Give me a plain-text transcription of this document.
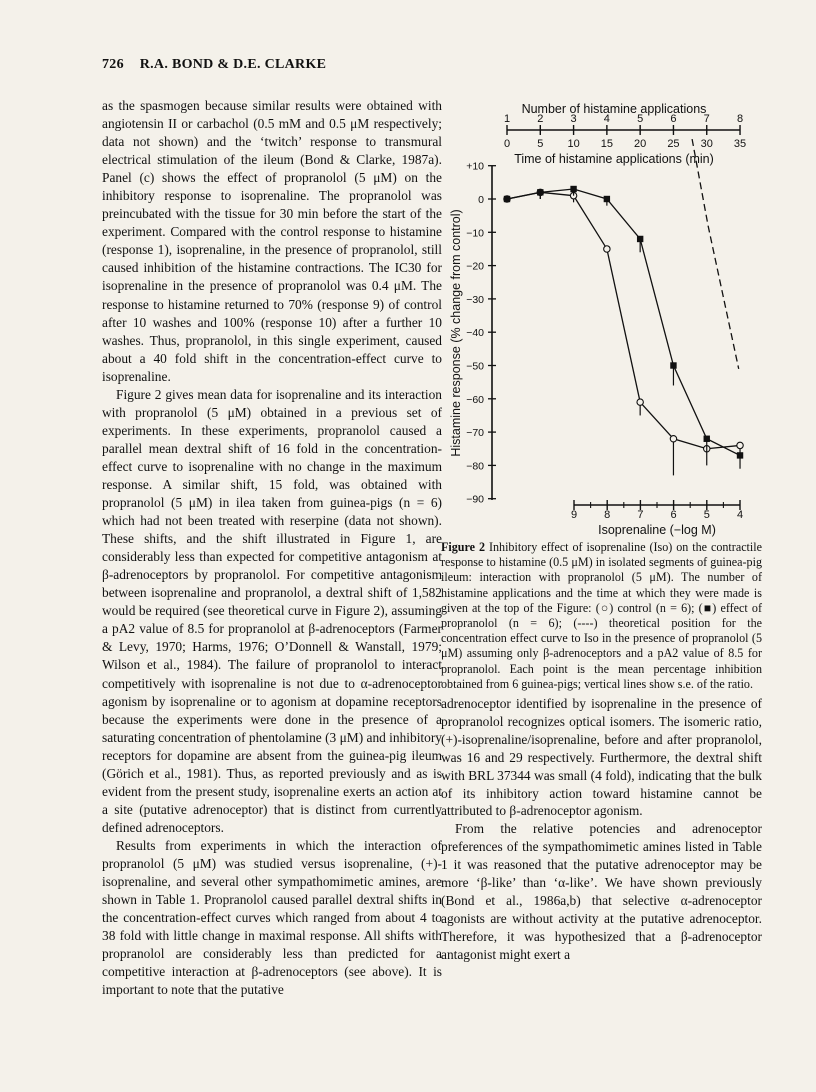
726 R.A. BOND & D.E. CLARKE

as the spasmogen because similar results were obtained with angiotensin II or carbachol (0.5 mM and 0.5 μM respectively; data not shown) and the ‘twitch’ response to transmural electrical stimulation of the ileum (Bond & Clarke, 1987a). Panel (c) shows the effect of propranolol (5 μM) on the inhibitory response to isoprenaline. The propranolol was preincubated with the tissue for 30 min before the start of the experiment. Compared with the control response to histamine (response 1), isoprenaline, in the presence of propranolol, still caused inhibition of the histamine contractions. The IC30 for isoprenaline in the presence of propranolol was 0.4 μM. The response to histamine returned to 70% (response 9) of control after 10 washes and 100% (response 10) after a further 10 washes. Thus, propranolol, in this single experiment, caused about a 40 fold shift in the concentration-effect curve to isoprenaline.

Figure 2 gives mean data for isoprenaline and its interaction with propranolol (5 μM) obtained in a previous set of experiments. In these experiments, propranolol caused a parallel mean dextral shift of 16 fold in the concentration-effect curve to isoprenaline with no change in the maximum response. A similar shift, 15 fold, was obtained with propranolol (5 μM) in ilea taken from guinea-pigs (n = 6) which had not been treated with reserpine (data not shown). These shifts, and the shift illustrated in Figure 1, are considerably less than expected for competitive antagonism at β-adrenoceptors by propranolol. For competitive antagonism between isoprenaline and propranolol, a dextral shift of 1,582 would be required (see theoretical curve in Figure 2), assuming a pA2 value of 8.5 for propranolol at β-adrenoceptors (Farmer & Levy, 1970; Harms, 1976; O’Donnell & Wanstall, 1979; Wilson et al., 1984). The failure of propranolol to interact competitively with isoprenaline is not due to α-adrenoceptor agonism by isoprenaline or to agonism at dopamine receptors because the experiments were done in the presence of a saturating concentration of phentolamine (3 μM) and inhibitory receptors for dopamine are absent from the guinea-pig ileum (Görich et al., 1981). Thus, as reported previously and as is evident from the present study, isoprenaline exerts an action at a site (putative adrenoceptor) that is distinct from currently defined adrenoceptors.

Results from experiments in which the interaction of propranolol (5 μM) was studied versus isoprenaline, (+)-isoprenaline, and several other sympathomimetic amines, are shown in Table 1. Propranolol caused parallel dextral shifts in the concentration-effect curves which ranged from about 4 to 38 fold with little change in maximal response. All shifts with propranolol are considerably less than predicted for a competitive interaction at β-adrenoceptors (see above). It is important to note that the putative

Number of histamine applications
Time of histamine applications (min)
1 2 3 4 5 6 7 8
0 5 10 15 20 25 30 35
Histamine response (% change from control)
+10
0
−10
−20
−30
−40
−50
−60
−70
−80
−90
Isoprenaline (−log M)
9 8 7 6 5 4
Figure 2 Inhibitory effect of isoprenaline (Iso) on the contractile response to histamine (0.5 μM) in isolated segments of guinea-pig ileum: interaction with propranolol (5 μM). The number of histamine applications and the time at which they were made is given at the top of the Figure: (○) control (n = 6); (■) effect of propranolol (n = 6); (----) theoretical position for the concentration effect curve to Iso in the presence of propranolol (5 μM) assuming only β-adrenoceptors and a pA2 value of 8.5 for propranolol. Each point is the mean percentage inhibition obtained from 6 guinea-pigs; vertical lines show s.e. of the ratio.

adrenoceptor identified by isoprenaline in the presence of propranolol recognizes optical isomers. The isomeric ratio, (+)-isoprenaline/isoprenaline, before and after propranolol, was 16 and 29 respectively. Furthermore, the dextral shift with BRL 37344 was small (4 fold), indicating that the bulk of its inhibitory action toward histamine cannot be attributed to β-adrenoceptor agonism.

From the relative potencies and adrenoceptor preferences of the sympathomimetic amines listed in Table 1 it was reasoned that the putative adrenoceptor may be more ‘β-like’ than ‘α-like’. We have shown previously (Bond et al., 1986a,b) that selective α-adrenoceptor agonists are without activity at the putative adrenoceptor. Therefore, it was hypothesized that a β-adrenoceptor antagonist might exert a
